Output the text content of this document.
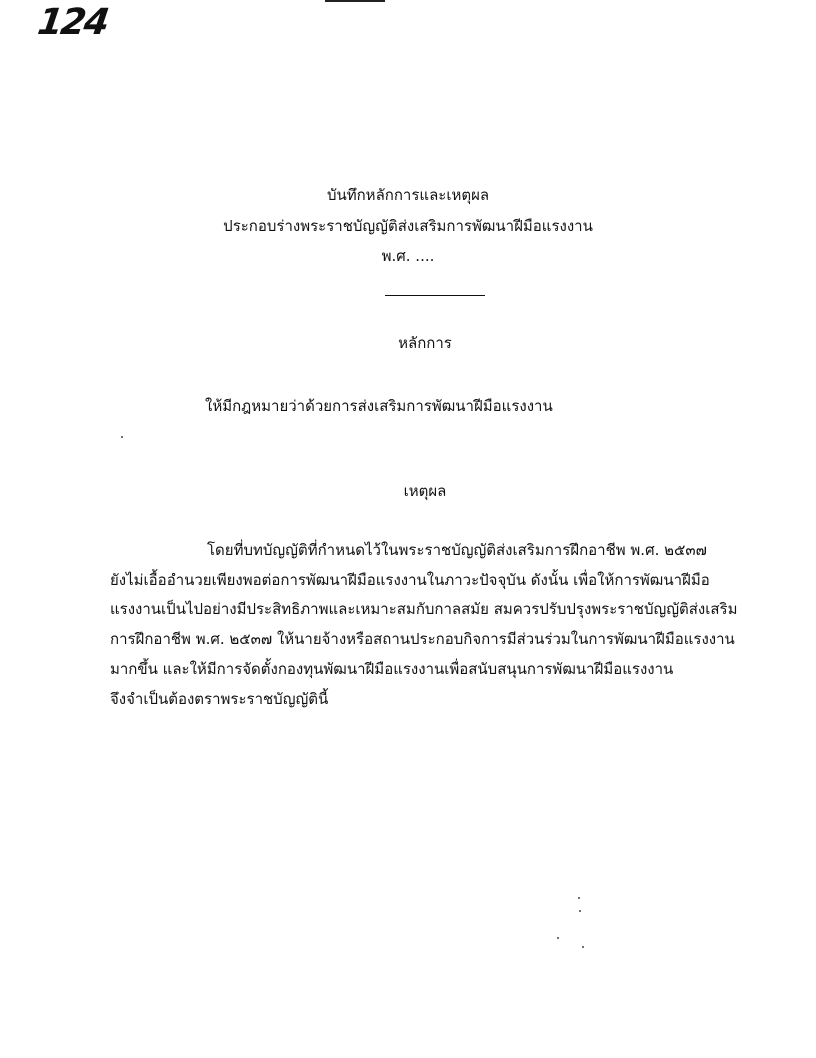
124
บันทึกหลักการและเหตุผล
ประกอบร่างพระราชบัญญัติส่งเสริมการพัฒนาฝีมือแรงงาน
พ.ศ. ....
หลักการ
ให้มีกฎหมายว่าด้วยการส่งเสริมการพัฒนาฝีมือแรงงาน
เหตุผล
โดยที่บทบัญญัติที่กำหนดไว้ในพระราชบัญญัติส่งเสริมการฝึกอาชีพ พ.ศ. ๒๕๓๗
ยังไม่เอื้ออำนวยเพียงพอต่อการพัฒนาฝีมือแรงงานในภาวะปัจจุบัน ดังนั้น เพื่อให้การพัฒนาฝีมือ
แรงงานเป็นไปอย่างมีประสิทธิภาพและเหมาะสมกับกาลสมัย สมควรปรับปรุงพระราชบัญญัติส่งเสริม
การฝึกอาชีพ พ.ศ. ๒๕๓๗ ให้นายจ้างหรือสถานประกอบกิจการมีส่วนร่วมในการพัฒนาฝีมือแรงงาน
มากขึ้น และให้มีการจัดตั้งกองทุนพัฒนาฝีมือแรงงานเพื่อสนับสนุนการพัฒนาฝีมือแรงงาน
จึงจำเป็นต้องตราพระราชบัญญัตินี้
